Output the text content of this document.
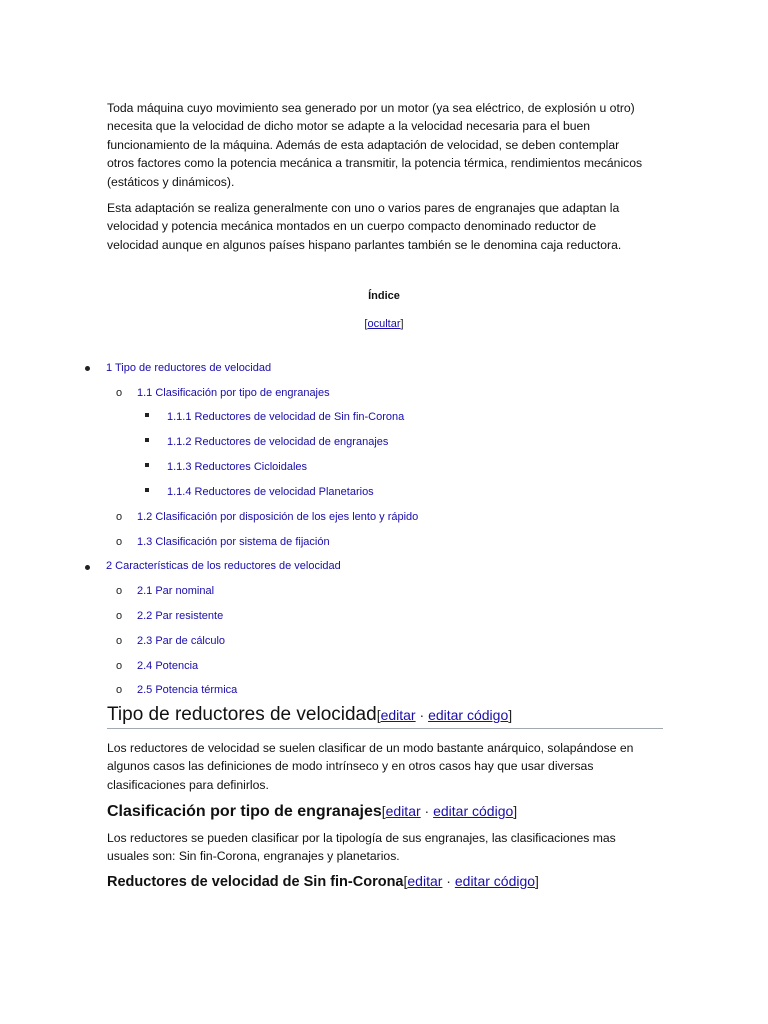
Toda máquina cuyo movimiento sea generado por un motor (ya sea eléctrico, de explosión u otro) necesita que la velocidad de dicho motor se adapte a la velocidad necesaria para el buen funcionamiento de la máquina. Además de esta adaptación de velocidad, se deben contemplar otros factores como la potencia mecánica a transmitir, la potencia térmica, rendimientos mecánicos (estáticos y dinámicos).

Esta adaptación se realiza generalmente con uno o varios pares de engranajes que adaptan la velocidad y potencia mecánica montados en un cuerpo compacto denominado reductor de velocidad aunque en algunos países hispano parlantes también se le denomina caja reductora.

Índice
[ocultar]
1 Tipo de reductores de velocidad
o 1.1 Clasificación por tipo de engranajes
1.1.1 Reductores de velocidad de Sin fin-Corona
1.1.2 Reductores de velocidad de engranajes
1.1.3 Reductores Cicloidales
1.1.4 Reductores de velocidad Planetarios
o 1.2 Clasificación por disposición de los ejes lento y rápido
o 1.3 Clasificación por sistema de fijación
2 Características de los reductores de velocidad
o 2.1 Par nominal
o 2.2 Par resistente
o 2.3 Par de cálculo
o 2.4 Potencia
o 2.5 Potencia térmica
Tipo de reductores de velocidad[editar · editar código]

Los reductores de velocidad se suelen clasificar de un modo bastante anárquico, solapándose en algunos casos las definiciones de modo intrínseco y en otros casos hay que usar diversas clasificaciones para definirlos.

Clasificación por tipo de engranajes[editar · editar código]

Los reductores se pueden clasificar por la tipología de sus engranajes, las clasificaciones mas usuales son: Sin fin-Corona, engranajes y planetarios.

Reductores de velocidad de Sin fin-Corona[editar · editar código]
